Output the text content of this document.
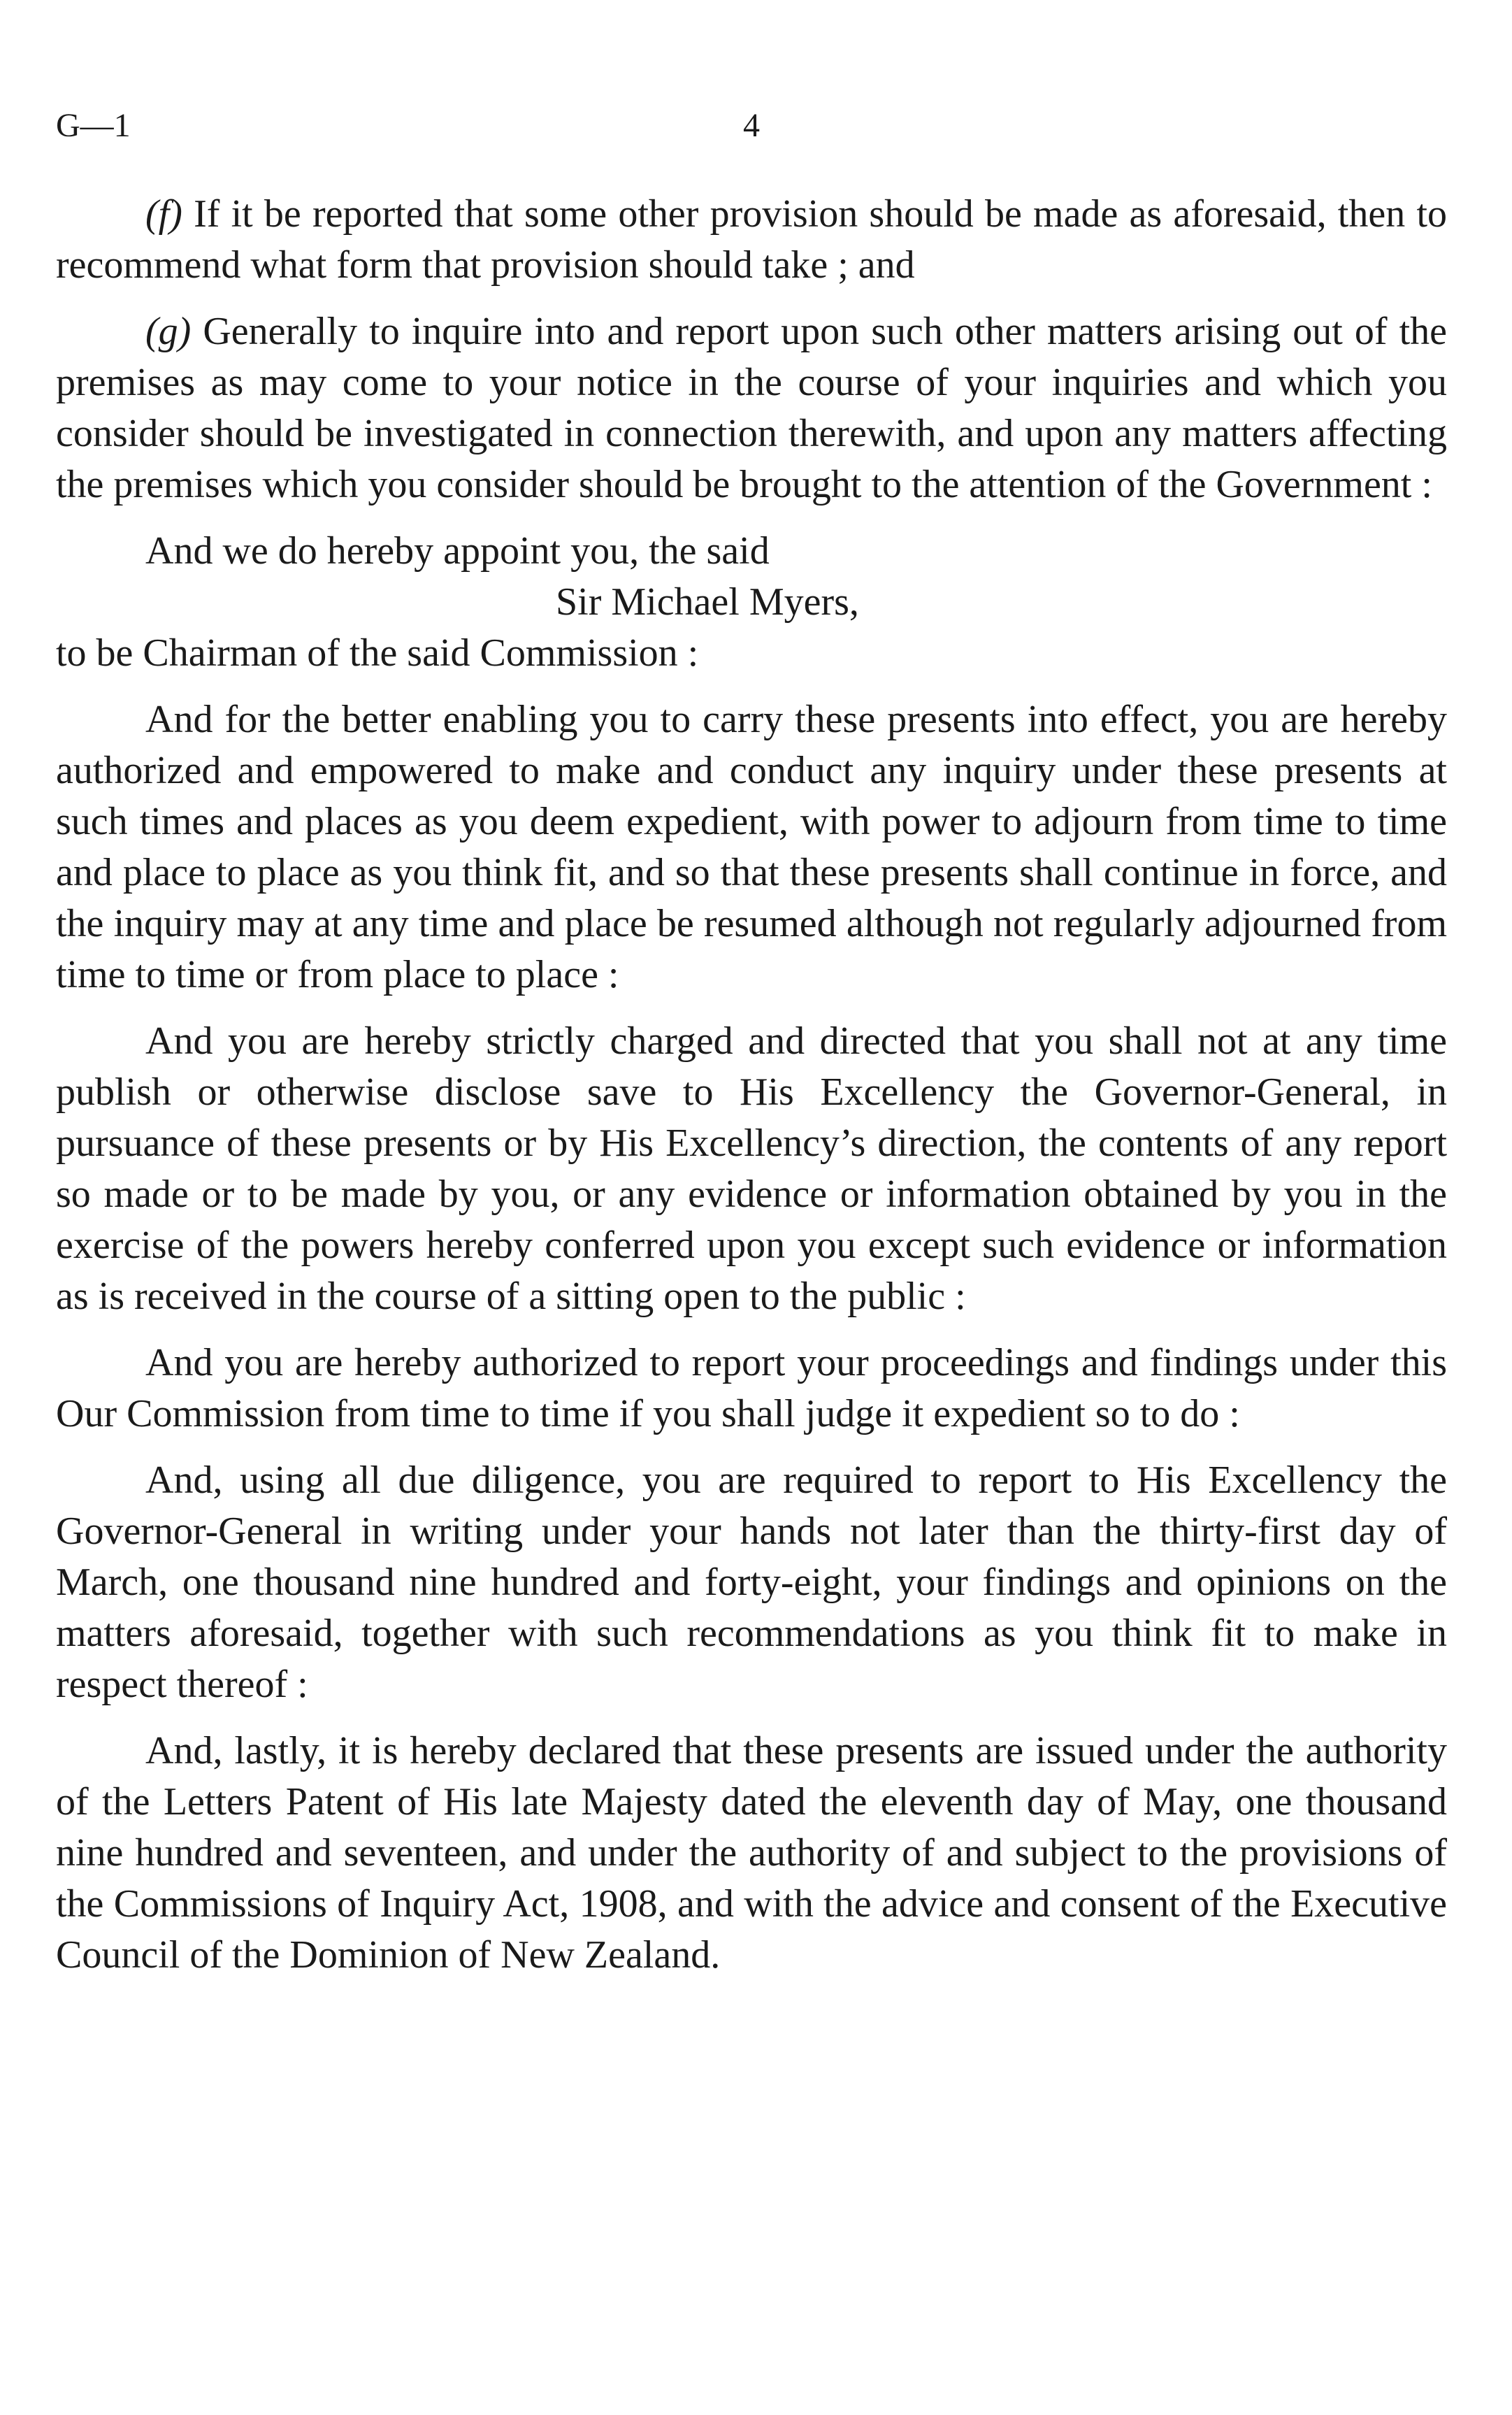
G—1	4

(f) If it be reported that some other provision should be made as aforesaid, then to recommend what form that provision should take ; and

(g) Generally to inquire into and report upon such other matters arising out of the premises as may come to your notice in the course of your inquiries and which you consider should be investigated in connection therewith, and upon any matters affecting the premises which you consider should be brought to the attention of the Government :

And we do hereby appoint you, the said

Sir Michael Myers,

to be Chairman of the said Commission :

And for the better enabling you to carry these presents into effect, you are hereby authorized and empowered to make and conduct any inquiry under these presents at such times and places as you deem expedient, with power to adjourn from time to time and place to place as you think fit, and so that these presents shall continue in force, and the inquiry may at any time and place be resumed although not regularly adjourned from time to time or from place to place :

And you are hereby strictly charged and directed that you shall not at any time publish or otherwise disclose save to His Excellency the Governor-General, in pursuance of these presents or by His Excellency’s direction, the contents of any report so made or to be made by you, or any evidence or information obtained by you in the exercise of the powers hereby conferred upon you except such evidence or information as is received in the course of a sitting open to the public :

And you are hereby authorized to report your proceedings and findings under this Our Commission from time to time if you shall judge it expedient so to do :

And, using all due diligence, you are required to report to His Excellency the Governor-General in writing under your hands not later than the thirty-first day of March, one thousand nine hundred and forty-eight, your findings and opinions on the matters aforesaid, together with such recommendations as you think fit to make in respect thereof :

And, lastly, it is hereby declared that these presents are issued under the authority of the Letters Patent of His late Majesty dated the eleventh day of May, one thousand nine hundred and seventeen, and under the authority of and subject to the provisions of the Commissions of Inquiry Act, 1908, and with the advice and consent of the Executive Council of the Dominion of New Zealand.
